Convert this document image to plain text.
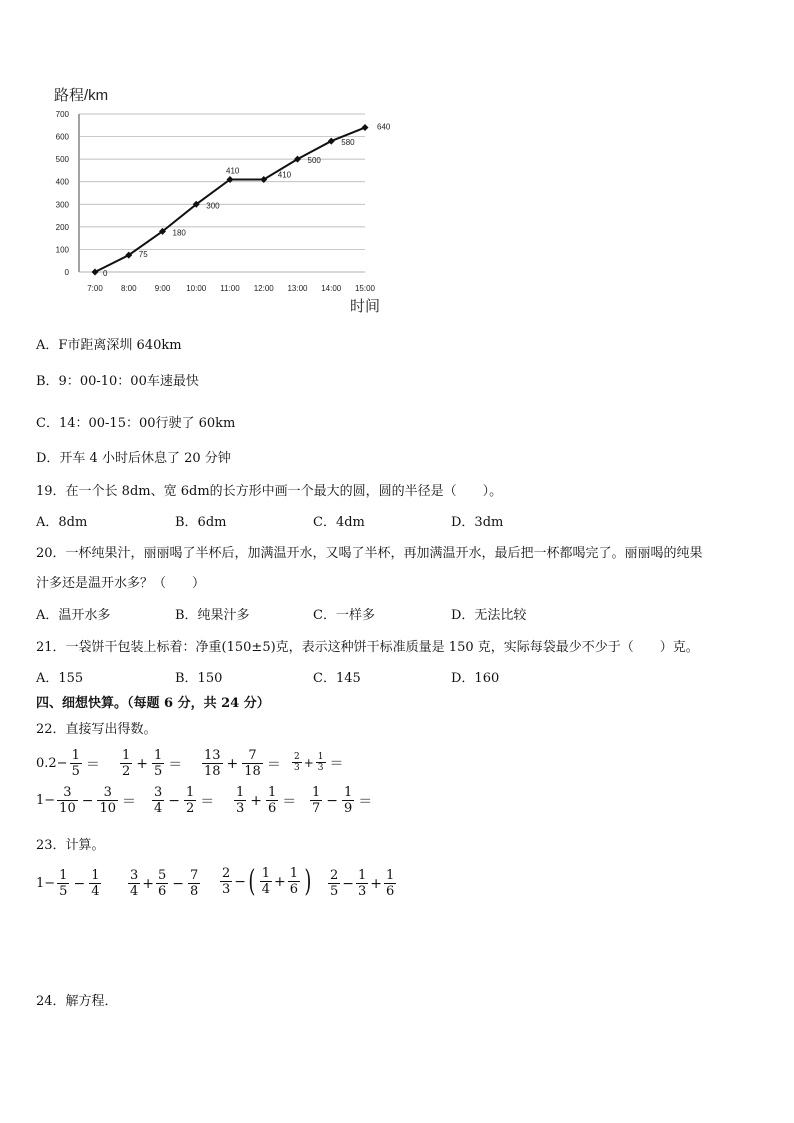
路程/km
时间
0
100
200
300
400
500
600
700
7:00 8:00 9:00 10:00 11:00 12:00 13:00 14:00 15:00
0
75
180
300
410	410
500
580
640
A．F市距离深圳 640km
B．9：00-10：00车速最快
C．14：00-15：00行驶了 60km
D．开车 4 小时后休息了 20 分钟
19．在一个长 8dm、宽 6dm的长方形中画一个最大的圆，圆的半径是（　　）。
A．8dm	B．6dm	C．4dm	D．3dm
20．一杯纯果汁，丽丽喝了半杯后，加满温开水，又喝了半杯，再加满温开水，最后把一杯都喝完了。丽丽喝的纯果
汁多还是温开水多？（　　）
A．温开水多	B．纯果汁多	C．一样多	D．无法比较
21．一袋饼干包装上标着：净重(150±5)克，表示这种饼干标准质量是 150 克，实际每袋最少不少于（　　）克。
A．155	B．150	C．145	D．160
四、细想快算。（每题 6 分，共 24 分）
22．直接写出得数。
$0.2- \frac{1}{5} = \frac{1}{2} + \frac{1}{5} = \frac{13}{18} + \frac{7}{18} = \frac{2}{3} + \frac{1}{3}$ ＝
$1- \frac{3}{10} - \frac{3}{10} = \frac{3}{4} - \frac{1}{2} = \frac{1}{3} + \frac{1}{6} = \frac{1}{7} - \frac{1}{9}$ ＝
23．计算。
$1- \frac{1}{5} - \frac{1}{4} \frac{3}{4} + \frac{5}{6} - \frac{7}{8} \frac{2}{3}$ − ( $\frac{1}{4} + \frac{1}{6}$ ) $\frac{2}{5} - \frac{1}{3} + \frac{1}{6}$
24．解方程．
